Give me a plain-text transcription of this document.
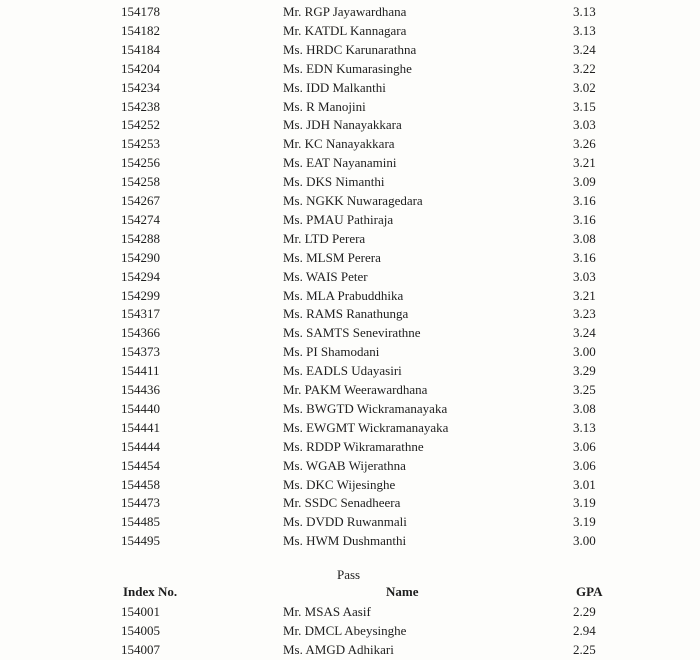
154178	Mr. RGP Jayawardhana	3.13
154182	Mr. KATDL Kannagara	3.13
154184	Ms. HRDC Karunarathna	3.24
154204	Ms. EDN Kumarasinghe	3.22
154234	Ms. IDD Malkanthi	3.02
154238	Ms. R Manojini	3.15
154252	Ms. JDH Nanayakkara	3.03
154253	Mr. KC Nanayakkara	3.26
154256	Ms. EAT Nayanamini	3.21
154258	Ms. DKS Nimanthi	3.09
154267	Ms. NGKK Nuwaragedara	3.16
154274	Ms. PMAU Pathiraja	3.16
154288	Mr. LTD Perera	3.08
154290	Ms. MLSM Perera	3.16
154294	Ms. WAIS Peter	3.03
154299	Ms. MLA Prabuddhika	3.21
154317	Ms. RAMS Ranathunga	3.23
154366	Ms. SAMTS Senevirathne	3.24
154373	Ms. PI Shamodani	3.00
154411	Ms. EADLS Udayasiri	3.29
154436	Mr. PAKM Weerawardhana	3.25
154440	Ms. BWGTD Wickramanayaka	3.08
154441	Ms. EWGMT Wickramanayaka	3.13
154444	Ms. RDDP Wikramarathne	3.06
154454	Ms. WGAB Wijerathna	3.06
154458	Ms. DKC Wijesinghe	3.01
154473	Mr. SSDC Senadheera	3.19
154485	Ms. DVDD Ruwanmali	3.19
154495	Ms. HWM Dushmanthi	3.00
Pass
Index No.	Name	GPA
154001	Mr. MSAS Aasif	2.29
154005	Mr. DMCL Abeysinghe	2.94
154007	Ms. AMGD Adhikari	2.25
